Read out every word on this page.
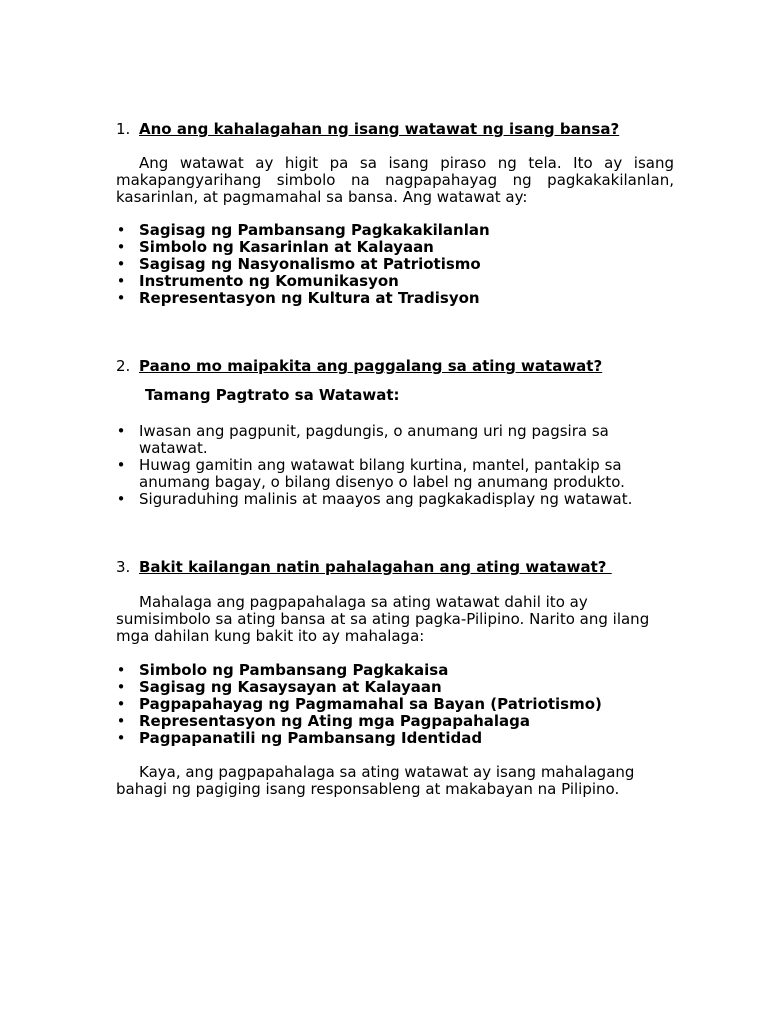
1. Ano ang kahalagahan ng isang watawat ng isang bansa?

Ang watawat ay higit pa sa isang piraso ng tela. Ito ay isang makapangyarihang simbolo na nagpapahayag ng pagkakakilanlan, kasarinlan, at pagmamahal sa bansa. Ang watawat ay:

• Sagisag ng Pambansang Pagkakakilanlan
• Simbolo ng Kasarinlan at Kalayaan
• Sagisag ng Nasyonalismo at Patriotismo
• Instrumento ng Komunikasyon
• Representasyon ng Kultura at Tradisyon
2. Paano mo maipakita ang paggalang sa ating watawat?

Tamang Pagtrato sa Watawat:

• Iwasan ang pagpunit, pagdungis, o anumang uri ng pagsira sa watawat.
• Huwag gamitin ang watawat bilang kurtina, mantel, pantakip sa anumang bagay, o bilang disenyo o label ng anumang produkto.
• Siguraduhing malinis at maayos ang pagkakadisplay ng watawat.
3. Bakit kailangan natin pahalagahan ang ating watawat?

Mahalaga ang pagpapahalaga sa ating watawat dahil ito ay sumisimbolo sa ating bansa at sa ating pagka-Pilipino. Narito ang ilang mga dahilan kung bakit ito ay mahalaga:

• Simbolo ng Pambansang Pagkakaisa
• Sagisag ng Kasaysayan at Kalayaan
• Pagpapahayag ng Pagmamahal sa Bayan (Patriotismo)
• Representasyon ng Ating mga Pagpapahalaga
• Pagpapanatili ng Pambansang Identidad

Kaya, ang pagpapahalaga sa ating watawat ay isang mahalagang bahagi ng pagiging isang responsableng at makabayan na Pilipino.
